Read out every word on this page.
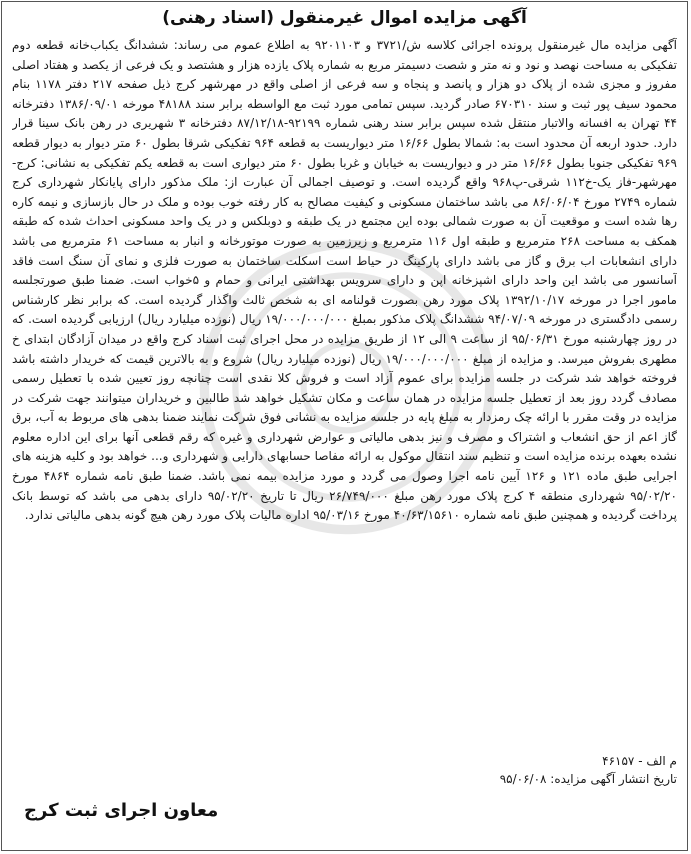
آگهی مزایده اموال غیرمنقول (اسناد رهنی)

آگهی مزایده مال غیرمنقول پرونده اجرائی کلاسه ش/۳۷۲۱ و ۹۲۰۱۱۰۳ به اطلاع عموم می رساند: ششدانگ یکباب‌خانه قطعه دوم تفکیکی به مساحت نهصد و نود و نه متر و شصت دسیمتر مربع به شماره پلاک یازده هزار و هشتصد و یک فرعی از یکصد و هفتاد اصلی مفروز و مجزی شده از پلاک دو هزار و پانصد و پنجاه و سه فرعی از اصلی واقع در مهرشهر کرج ذیل صفحه ۲۱۷ دفتر ۱۱۷۸ بنام محمود سیف پور ثبت و سند ۶۷۰۳۱۰ صادر گردید. سپس تمامی مورد ثبت مع الواسطه برابر سند ۴۸۱۸۸ مورخه ۱۳۸۶/۰۹/۰۱ دفترخانه ۴۴ تهران به افسانه والاتبار منتقل شده سپس برابر سند رهنی شماره ۹۲۱۹۹-۸۷/۱۲/۱۸ دفترخانه ۳ شهریری در رهن بانک سینا قرار دارد. حدود اربعه آن محدود است به: شمالا بطول ۱۶/۶۶ متر دیواریست به قطعه ۹۶۴ تفکیکی شرقا بطول ۶۰ متر دیوار به دیوار قطعه ۹۶۹ تفکیکی جنوبا بطول ۱۶/۶۶ متر در و دیواریست به خیابان و غربا بطول ۶۰ متر دیواری است به قطعه یکم تفکیکی به نشانی: کرج-مهرشهر-فاز یک-خ۱۱۲ شرقی-پ۹۶۸ واقع گردیده است. و توصیف اجمالی آن عبارت از: ملک مذکور دارای پایانکار شهرداری کرج شماره ۲۷۴۹ مورخ ۸۶/۰۶/۰۴ می باشد ساختمان مسکونی و کیفیت مصالح به کار رفته خوب بوده و ملک در حال بازسازی و نیمه کاره رها شده است و موقعیت آن به صورت شمالی بوده این مجتمع در یک طبقه و دوبلکس و در یک واحد مسکونی احداث شده که طبقه همکف به مساحت ۲۶۸ مترمربع و طبقه اول ۱۱۶ مترمربع و زیرزمین به صورت موتورخانه و انبار به مساحت ۶۱ مترمربع می باشد دارای انشعابات اب برق و گاز می باشد دارای پارکینگ در حیاط است اسکلت ساختمان به صورت فلزی و نمای آن سنگ است فاقد آسانسور می باشد این واحد دارای اشپزخانه اپن و دارای سرویس بهداشتی ایرانی و حمام و ۵خواب است. ضمنا طبق صورتجلسه مامور اجرا در مورخه ۱۳۹۲/۱۰/۱۷ پلاک مورد رهن بصورت قولنامه ای به شخص ثالث واگذار گردیده است. که برابر نظر کارشناس رسمی دادگستری در مورخه ۹۴/۰۷/۰۹ ششدانگ پلاک مذکور بمبلغ ۱۹/۰۰۰/۰۰۰/۰۰۰ ریال (نوزده میلیارد ریال) ارزیابی گردیده است. که در روز چهارشنبه مورخ ۹۵/۰۶/۳۱ از ساعت ۹ الی ۱۲ از طریق مزایده در محل اجرای ثبت اسناد کرج واقع در میدان آزادگان ابتدای خ مطهری بفروش میرسد. و مزایده از مبلغ ۱۹/۰۰۰/۰۰۰/۰۰۰ ریال (نوزده میلیارد ریال) شروع و به بالاترین قیمت که خریدار داشته باشد فروخته خواهد شد شرکت در جلسه مزایده برای عموم آزاد است و فروش کلا نقدی است چنانچه روز تعیین شده با تعطیل رسمی مصادف گردد روز بعد از تعطیل جلسه مزایده در همان ساعت و مکان تشکیل خواهد شد طالبین و خریداران میتوانند جهت شرکت در مزایده در وقت مقرر با ارائه چک رمزدار به مبلغ پایه در جلسه مزایده به نشانی فوق شرکت نمایند ضمنا بدهی های مربوط به آب، برق گاز اعم از حق انشعاب و اشتراک و مصرف و نیز بدهی مالیاتی و عوارض شهرداری و غیره که رقم قطعی آنها برای این اداره معلوم نشده بعهده برنده مزایده است و تنظیم سند انتقال موکول به ارائه مفاصا حسابهای دارایی و شهرداری و... خواهد بود و کلیه هزینه های اجرایی طبق ماده ۱۲۱ و ۱۲۶ آیین نامه اجرا وصول می گردد و مورد مزایده بیمه نمی باشد. ضمنا طبق نامه شماره ۴۸۶۴ مورخ ۹۵/۰۲/۲۰ شهرداری منطقه ۴ کرج پلاک مورد رهن مبلغ ۲۶/۷۴۹/۰۰۰ ریال تا تاریخ ۹۵/۰۲/۲۰ دارای بدهی می باشد که توسط بانک پرداخت گردیده و همچنین طبق نامه شماره ۴۰/۶۳/۱۵۶۱۰ مورخ ۹۵/۰۳/۱۶ اداره مالیات پلاک مورد رهن هیچ گونه بدهی مالیاتی ندارد.

م الف - ۴۶۱۵۷
تاریخ انتشار آگهی مزایده: ۹۵/۰۶/۰۸
معاون اجرای ثبت کرج
